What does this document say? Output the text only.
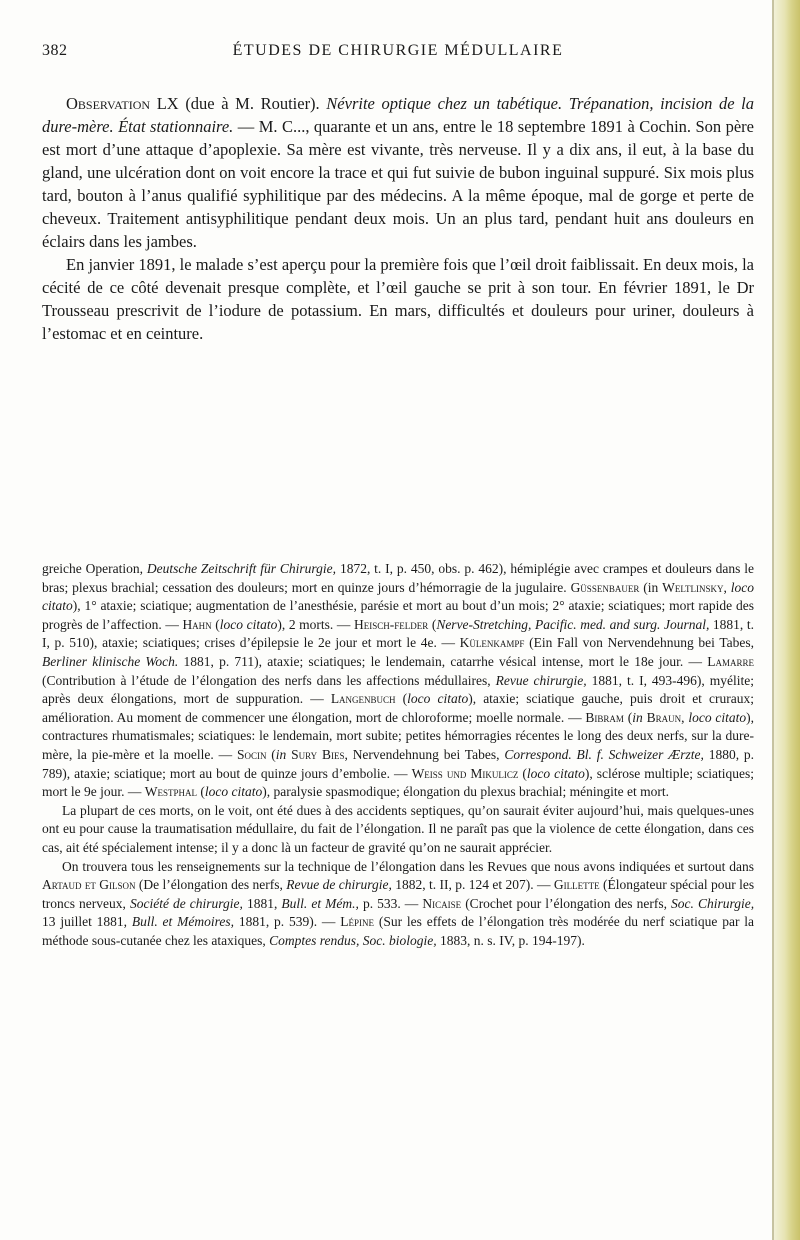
382	ÉTUDES DE CHIRURGIE MÉDULLAIRE

Observation LX (due à M. Routier). Névrite optique chez un tabétique. Trépanation, incision de la dure-mère. État stationnaire. — M. C..., quarante et un ans, entre le 18 septembre 1891 à Cochin. Son père est mort d’une attaque d’apoplexie. Sa mère est vivante, très nerveuse. Il y a dix ans, il eut, à la base du gland, une ulcération dont on voit encore la trace et qui fut suivie de bubon inguinal suppuré. Six mois plus tard, bouton à l’anus qualifié syphilitique par des médecins. A la même époque, mal de gorge et perte de cheveux. Traitement antisyphilitique pendant deux mois. Un an plus tard, pendant huit ans douleurs en éclairs dans les jambes.

En janvier 1891, le malade s’est aperçu pour la première fois que l’œil droit faiblissait. En deux mois, la cécité de ce côté devenait presque complète, et l’œil gauche se prit à son tour. En février 1891, le Dr Trousseau prescrivit de l’iodure de potassium. En mars, difficultés et douleurs pour uriner, douleurs à l’estomac et en ceinture.

greiche Operation, Deutsche Zeitschrift für Chirurgie, 1872, t. I, p. 450, obs. p. 462), hémiplégie avec crampes et douleurs dans le bras; plexus brachial; cessation des douleurs; mort en quinze jours d’hémorragie de la jugulaire. Güssenbauer (in Weltlinsky, loco citato), 1° ataxie; sciatique; augmentation de l’anesthésie, parésie et mort au bout d’un mois; 2° ataxie; sciatiques; mort rapide des progrès de l’affection. — Hahn (loco citato), 2 morts. — Heisch-felder (Nerve-Stretching, Pacific. med. and surg. Journal, 1881, t. I, p. 510), ataxie; sciatiques; crises d’épilepsie le 2e jour et mort le 4e. — Külenkampf (Ein Fall von Nervendehnung bei Tabes, Berliner klinische Woch. 1881, p. 711), ataxie; sciatiques; le lendemain, catarrhe vésical intense, mort le 18e jour. — Lamarre (Contribution à l’étude de l’élongation des nerfs dans les affections médullaires, Revue chirurgie, 1881, t. I, 493-496), myélite; après deux élongations, mort de suppuration. — Langenbuch (loco citato), ataxie; sciatique gauche, puis droit et cruraux; amélioration. Au moment de commencer une élongation, mort de chloroforme; moelle normale. — Bibram (in Braun, loco citato), contractures rhumatismales; sciatiques: le lendemain, mort subite; petites hémorragies récentes le long des deux nerfs, sur la dure-mère, la pie-mère et la moelle. — Socin (in Sury Bies, Nervendehnung bei Tabes, Correspond. Bl. f. Schweizer Ærzte, 1880, p. 789), ataxie; sciatique; mort au bout de quinze jours d’embolie. — Weiss und Mikulicz (loco citato), sclérose multiple; sciatiques; mort le 9e jour. — Westphal (loco citato), paralysie spasmodique; élongation du plexus brachial; méningite et mort.

La plupart de ces morts, on le voit, ont été dues à des accidents septiques, qu’on saurait éviter aujourd’hui, mais quelques-unes ont eu pour cause la traumatisation médullaire, du fait de l’élongation. Il ne paraît pas que la violence de cette élongation, dans ces cas, ait été spécialement intense; il y a donc là un facteur de gravité qu’on ne saurait apprécier.

On trouvera tous les renseignements sur la technique de l’élongation dans les Revues que nous avons indiquées et surtout dans Artaud et Gilson (De l’élongation des nerfs, Revue de chirurgie, 1882, t. II, p. 124 et 207). — Gillette (Élongateur spécial pour les troncs nerveux, Société de chirurgie, 1881, Bull. et Mém., p. 533. — Nicaise (Crochet pour l’élongation des nerfs, Soc. Chirurgie, 13 juillet 1881, Bull. et Mémoires, 1881, p. 539). — Lépine (Sur les effets de l’élongation très modérée du nerf sciatique par la méthode sous-cutanée chez les ataxiques, Comptes rendus, Soc. biologie, 1883, n. s. IV, p. 194-197).
